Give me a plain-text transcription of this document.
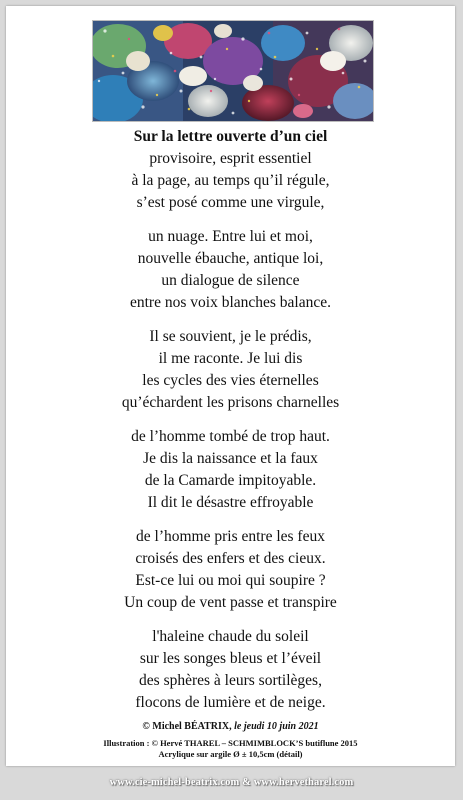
Sur la lettre ouverte d’un ciel
provisoire, esprit essentiel
à la page, au temps qu’il régule,
s’est posé comme une virgule,
un nuage. Entre lui et moi,
nouvelle ébauche, antique loi,
un dialogue de silence
entre nos voix blanches balance.
Il se souvient, je le prédis,
il me raconte. Je lui dis
les cycles des vies éternelles
qu’échardent les prisons charnelles
de l’homme tombé de trop haut.
Je dis la naissance et la faux
de la Camarde impitoyable.
Il dit le désastre effroyable
de l’homme pris entre les feux
croisés des enfers et des cieux.
Est-ce lui ou moi qui soupire ?
Un coup de vent passe et transpire
l'haleine chaude du soleil
sur les songes bleus et l’éveil
des sphères à leurs sortilèges,
flocons de lumière et de neige.
© Michel BÉATRIX, le jeudi 10 juin 2021
Illustration : © Hervé THAREL – SCHMIMBLOCK’S butiflune 2015
Acrylique sur argile Ø ± 10,5cm (détail)
www.cie-michel-beatrix.com & www.hervetharel.com
